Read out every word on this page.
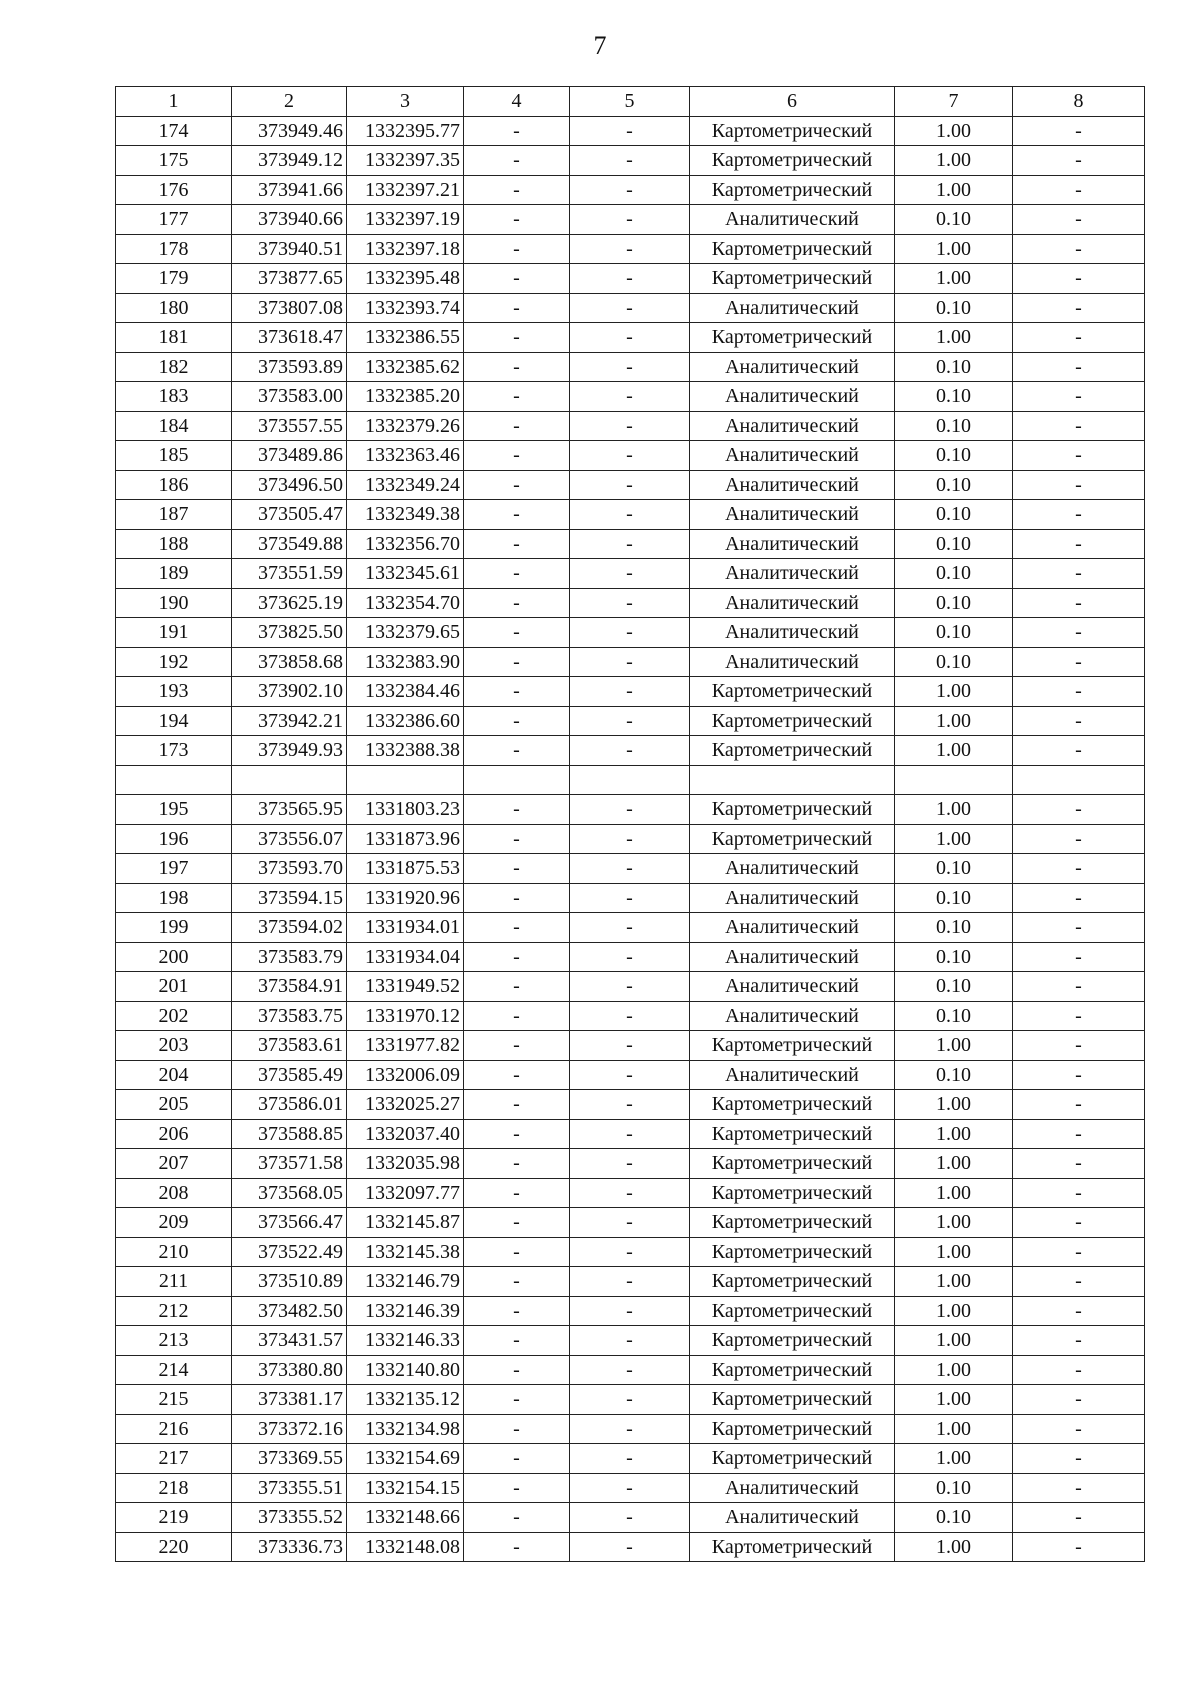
7
1	2	3	4	5	6	7	8
174	373949.46	1332395.77	-	-	Картометрический	1.00	-
175	373949.12	1332397.35	-	-	Картометрический	1.00	-
176	373941.66	1332397.21	-	-	Картометрический	1.00	-
177	373940.66	1332397.19	-	-	Аналитический	0.10	-
178	373940.51	1332397.18	-	-	Картометрический	1.00	-
179	373877.65	1332395.48	-	-	Картометрический	1.00	-
180	373807.08	1332393.74	-	-	Аналитический	0.10	-
181	373618.47	1332386.55	-	-	Картометрический	1.00	-
182	373593.89	1332385.62	-	-	Аналитический	0.10	-
183	373583.00	1332385.20	-	-	Аналитический	0.10	-
184	373557.55	1332379.26	-	-	Аналитический	0.10	-
185	373489.86	1332363.46	-	-	Аналитический	0.10	-
186	373496.50	1332349.24	-	-	Аналитический	0.10	-
187	373505.47	1332349.38	-	-	Аналитический	0.10	-
188	373549.88	1332356.70	-	-	Аналитический	0.10	-
189	373551.59	1332345.61	-	-	Аналитический	0.10	-
190	373625.19	1332354.70	-	-	Аналитический	0.10	-
191	373825.50	1332379.65	-	-	Аналитический	0.10	-
192	373858.68	1332383.90	-	-	Аналитический	0.10	-
193	373902.10	1332384.46	-	-	Картометрический	1.00	-
194	373942.21	1332386.60	-	-	Картометрический	1.00	-
173	373949.93	1332388.38	-	-	Картометрический	1.00	-

195	373565.95	1331803.23	-	-	Картометрический	1.00	-
196	373556.07	1331873.96	-	-	Картометрический	1.00	-
197	373593.70	1331875.53	-	-	Аналитический	0.10	-
198	373594.15	1331920.96	-	-	Аналитический	0.10	-
199	373594.02	1331934.01	-	-	Аналитический	0.10	-
200	373583.79	1331934.04	-	-	Аналитический	0.10	-
201	373584.91	1331949.52	-	-	Аналитический	0.10	-
202	373583.75	1331970.12	-	-	Аналитический	0.10	-
203	373583.61	1331977.82	-	-	Картометрический	1.00	-
204	373585.49	1332006.09	-	-	Аналитический	0.10	-
205	373586.01	1332025.27	-	-	Картометрический	1.00	-
206	373588.85	1332037.40	-	-	Картометрический	1.00	-
207	373571.58	1332035.98	-	-	Картометрический	1.00	-
208	373568.05	1332097.77	-	-	Картометрический	1.00	-
209	373566.47	1332145.87	-	-	Картометрический	1.00	-
210	373522.49	1332145.38	-	-	Картометрический	1.00	-
211	373510.89	1332146.79	-	-	Картометрический	1.00	-
212	373482.50	1332146.39	-	-	Картометрический	1.00	-
213	373431.57	1332146.33	-	-	Картометрический	1.00	-
214	373380.80	1332140.80	-	-	Картометрический	1.00	-
215	373381.17	1332135.12	-	-	Картометрический	1.00	-
216	373372.16	1332134.98	-	-	Картометрический	1.00	-
217	373369.55	1332154.69	-	-	Картометрический	1.00	-
218	373355.51	1332154.15	-	-	Аналитический	0.10	-
219	373355.52	1332148.66	-	-	Аналитический	0.10	-
220	373336.73	1332148.08	-	-	Картометрический	1.00	-
